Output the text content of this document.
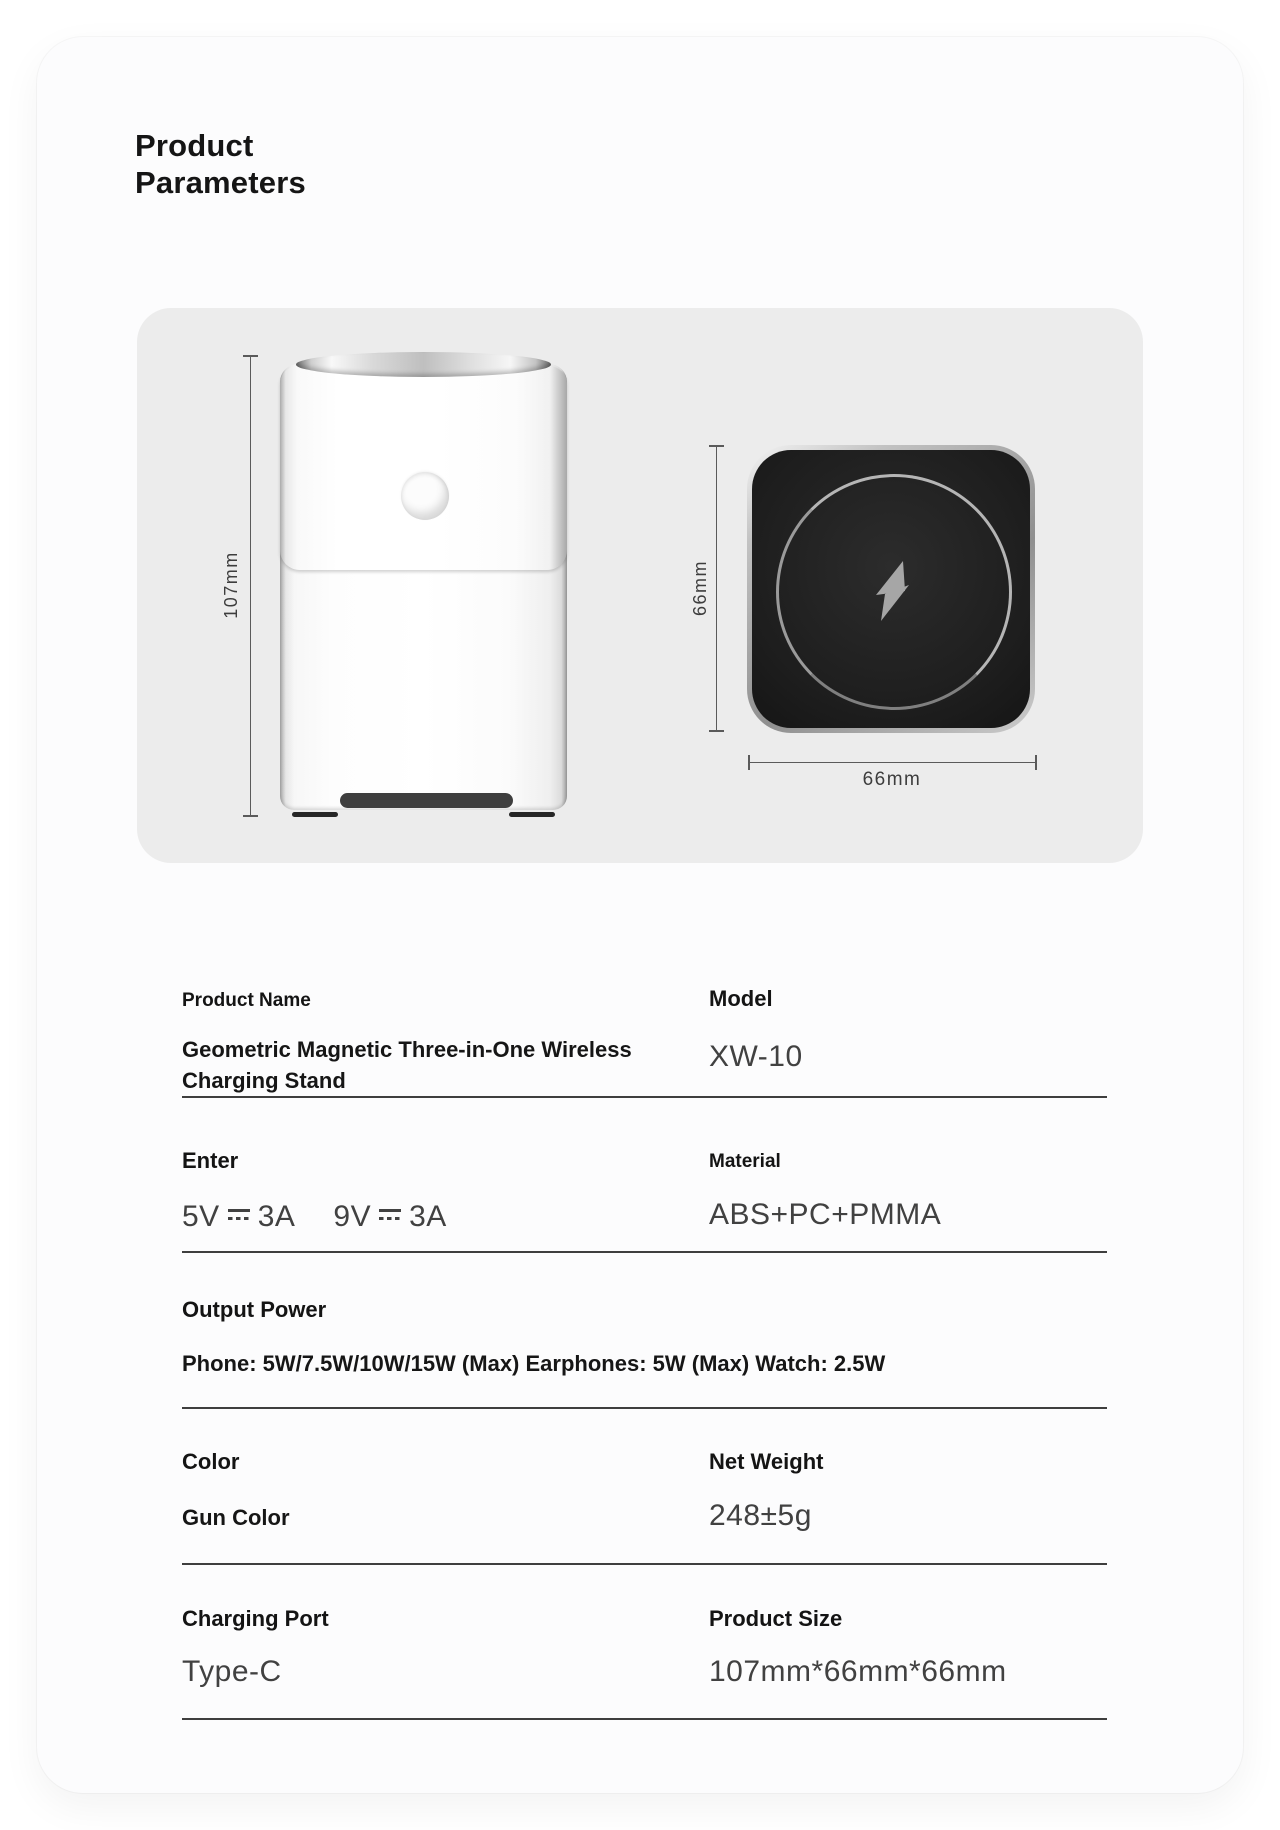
Product
Parameters
107mm	66mm
66mm
Product Name
Geometric Magnetic Three-in-One Wireless Charging Stand
Model
XW-10
Enter
5V 3A 9V 3A
Material
ABS+PC+PMMA
Output Power
Phone: 5W/7.5W/10W/15W (Max) Earphones: 5W (Max) Watch: 2.5W
Color
Gun Color
Net Weight
248±5g
Charging Port
Type-C
Product Size
107mm*66mm*66mm
